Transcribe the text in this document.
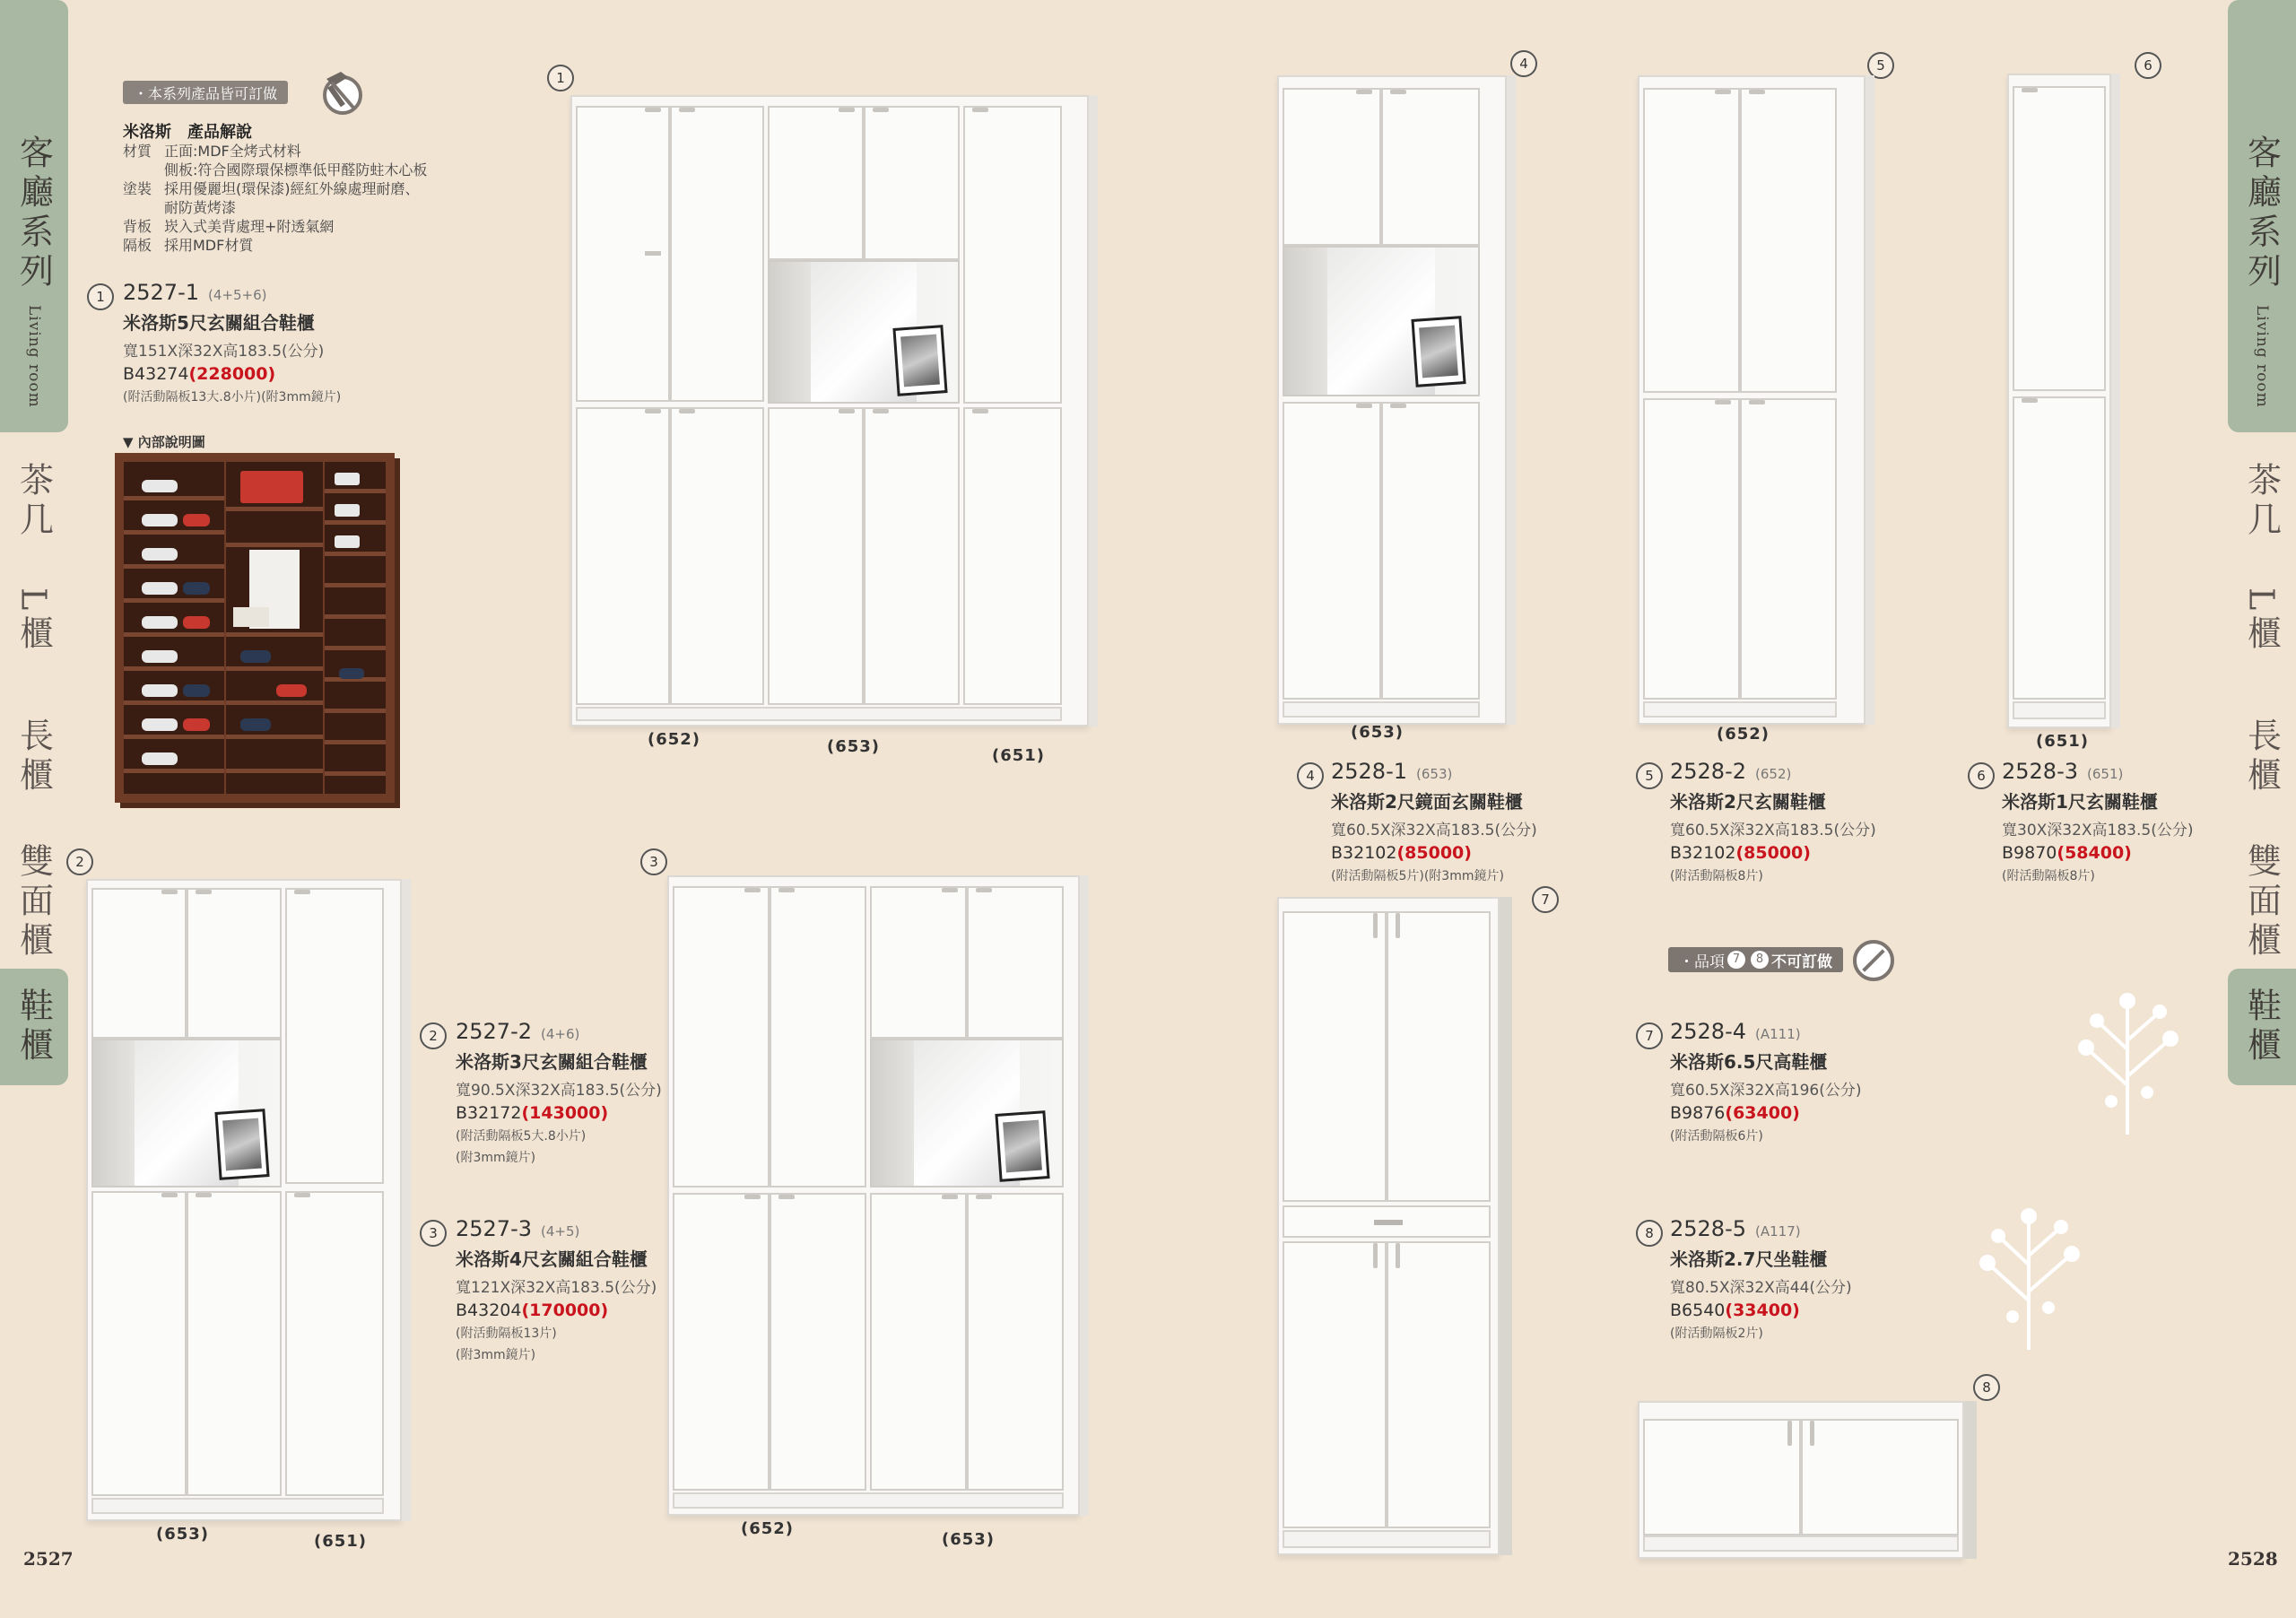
客廳系列
Living room
茶几
L櫃
長櫃
雙面櫃
鞋櫃
客廳系列
Living room
茶几
L櫃
長櫃
雙面櫃
鞋櫃
・本系列產品皆可訂做
米洛斯　產品解說
材質 正面:MDF全烤式材料
側板:符合國際環保標準低甲醛防蛀木心板
塗裝 採用優麗坦(環保漆)經紅外線處理耐磨、
耐防黃烤漆
背板 崁入式美背處理+附透氣網
隔板 採用MDF材質
1 2527-1 (4+5+6)
米洛斯5尺玄關組合鞋櫃
寬151X深32X高183.5(公分)
B43274(228000)
(附活動隔板13大.8小片)(附3mm鏡片)
▼ 內部說明圖
1
(652)	(653)	(651)
2
(653)	(651)
2 2527-2 (4+6)
米洛斯3尺玄關組合鞋櫃
寬90.5X深32X高183.5(公分)
B32172(143000)
(附活動隔板5大.8小片)
(附3mm鏡片)
3 2527-3 (4+5)
米洛斯4尺玄關組合鞋櫃
寬121X深32X高183.5(公分)
B43204(170000)
(附活動隔板13片)
(附3mm鏡片)
3
(652)
(653)
2527
4
(653)
5
(652)
6
(651)
4 2528-1 (653)
米洛斯2尺鏡面玄關鞋櫃
寬60.5X深32X高183.5(公分)
B32102(85000)
(附活動隔板5片)(附3mm鏡片)
5 2528-2 (652)
米洛斯2尺玄關鞋櫃
寬60.5X深32X高183.5(公分)
B32102(85000)
(附活動隔板8片)
6 2528-3 (651)
米洛斯1尺玄關鞋櫃
寬30X深32X高183.5(公分)
B9870(58400)
(附活動隔板8片)
7
・品項 7	8 不可訂做
7 2528-4 (A111)
米洛斯6.5尺高鞋櫃
寬60.5X深32X高196(公分)
B9876(63400)
(附活動隔板6片)
8 2528-5 (A117)
米洛斯2.7尺坐鞋櫃
寬80.5X深32X高44(公分)
B6540(33400)
(附活動隔板2片)
8
2528
